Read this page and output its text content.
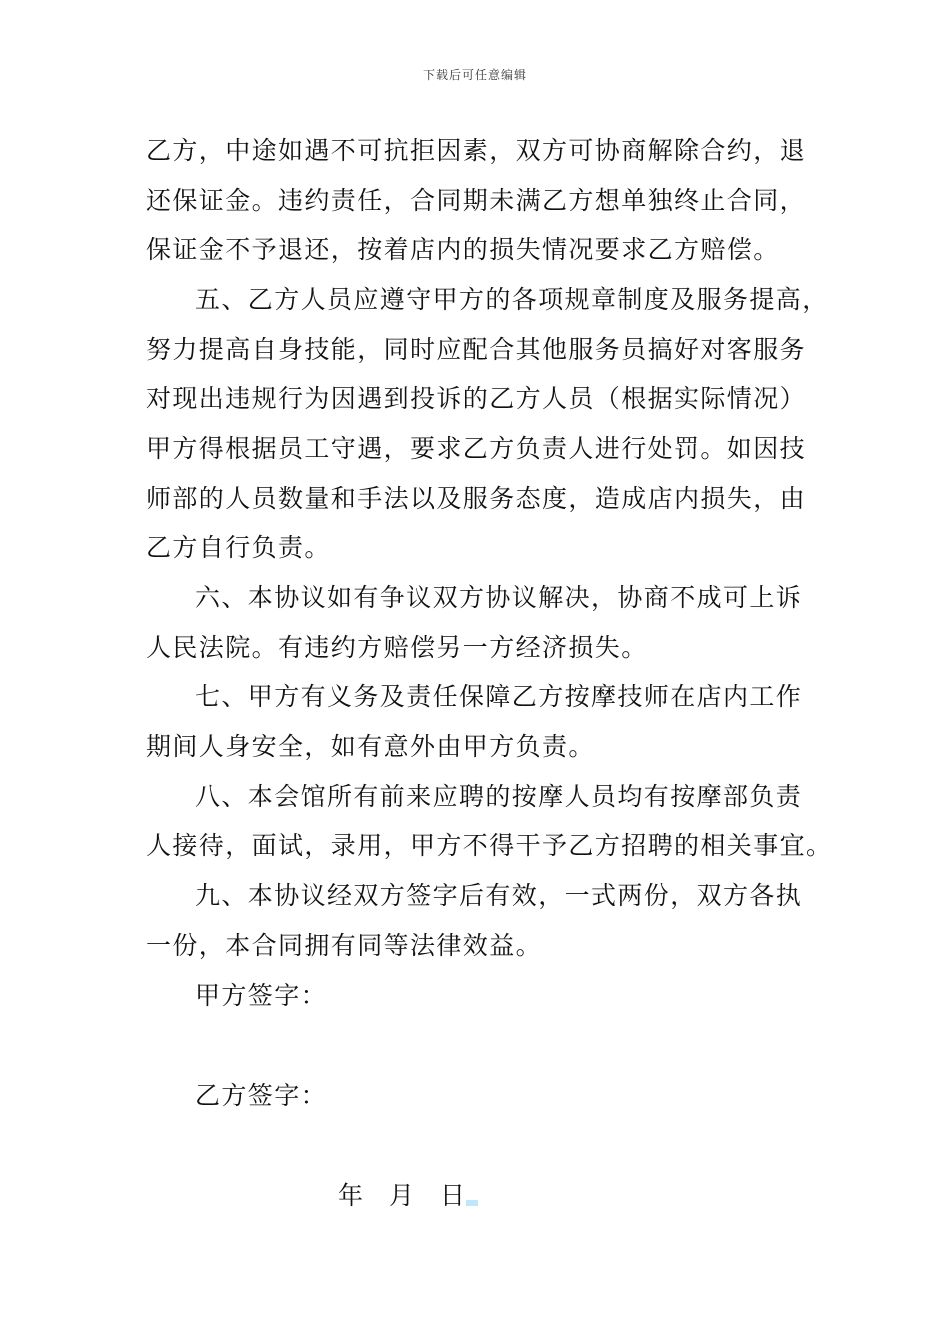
下载后可任意编辑
乙方，中途如遇不可抗拒因素，双方可协商解除合约，退
还保证金。违约责任，合同期未满乙方想单独终止合同，
保证金不予退还，按着店内的损失情况要求乙方赔偿。
五、乙方人员应遵守甲方的各项规章制度及服务提高，
努力提高自身技能，同时应配合其他服务员搞好对客服务
对现出违规行为因遇到投诉的乙方人员（根据实际情况）
甲方得根据员工守遇，要求乙方负责人进行处罚。如因技
师部的人员数量和手法以及服务态度，造成店内损失，由
乙方自行负责。
六、本协议如有争议双方协议解决，协商不成可上诉
人民法院。有违约方赔偿另一方经济损失。
七、甲方有义务及责任保障乙方按摩技师在店内工作
期间人身安全，如有意外由甲方负责。
八、本会馆所有前来应聘的按摩人员均有按摩部负责
人接待，面试，录用，甲方不得干予乙方招聘的相关事宜。
九、本协议经双方签字后有效，一式两份，双方各执
一份，本合同拥有同等法律效益。
甲方签字：
乙方签字：
年 月 日
